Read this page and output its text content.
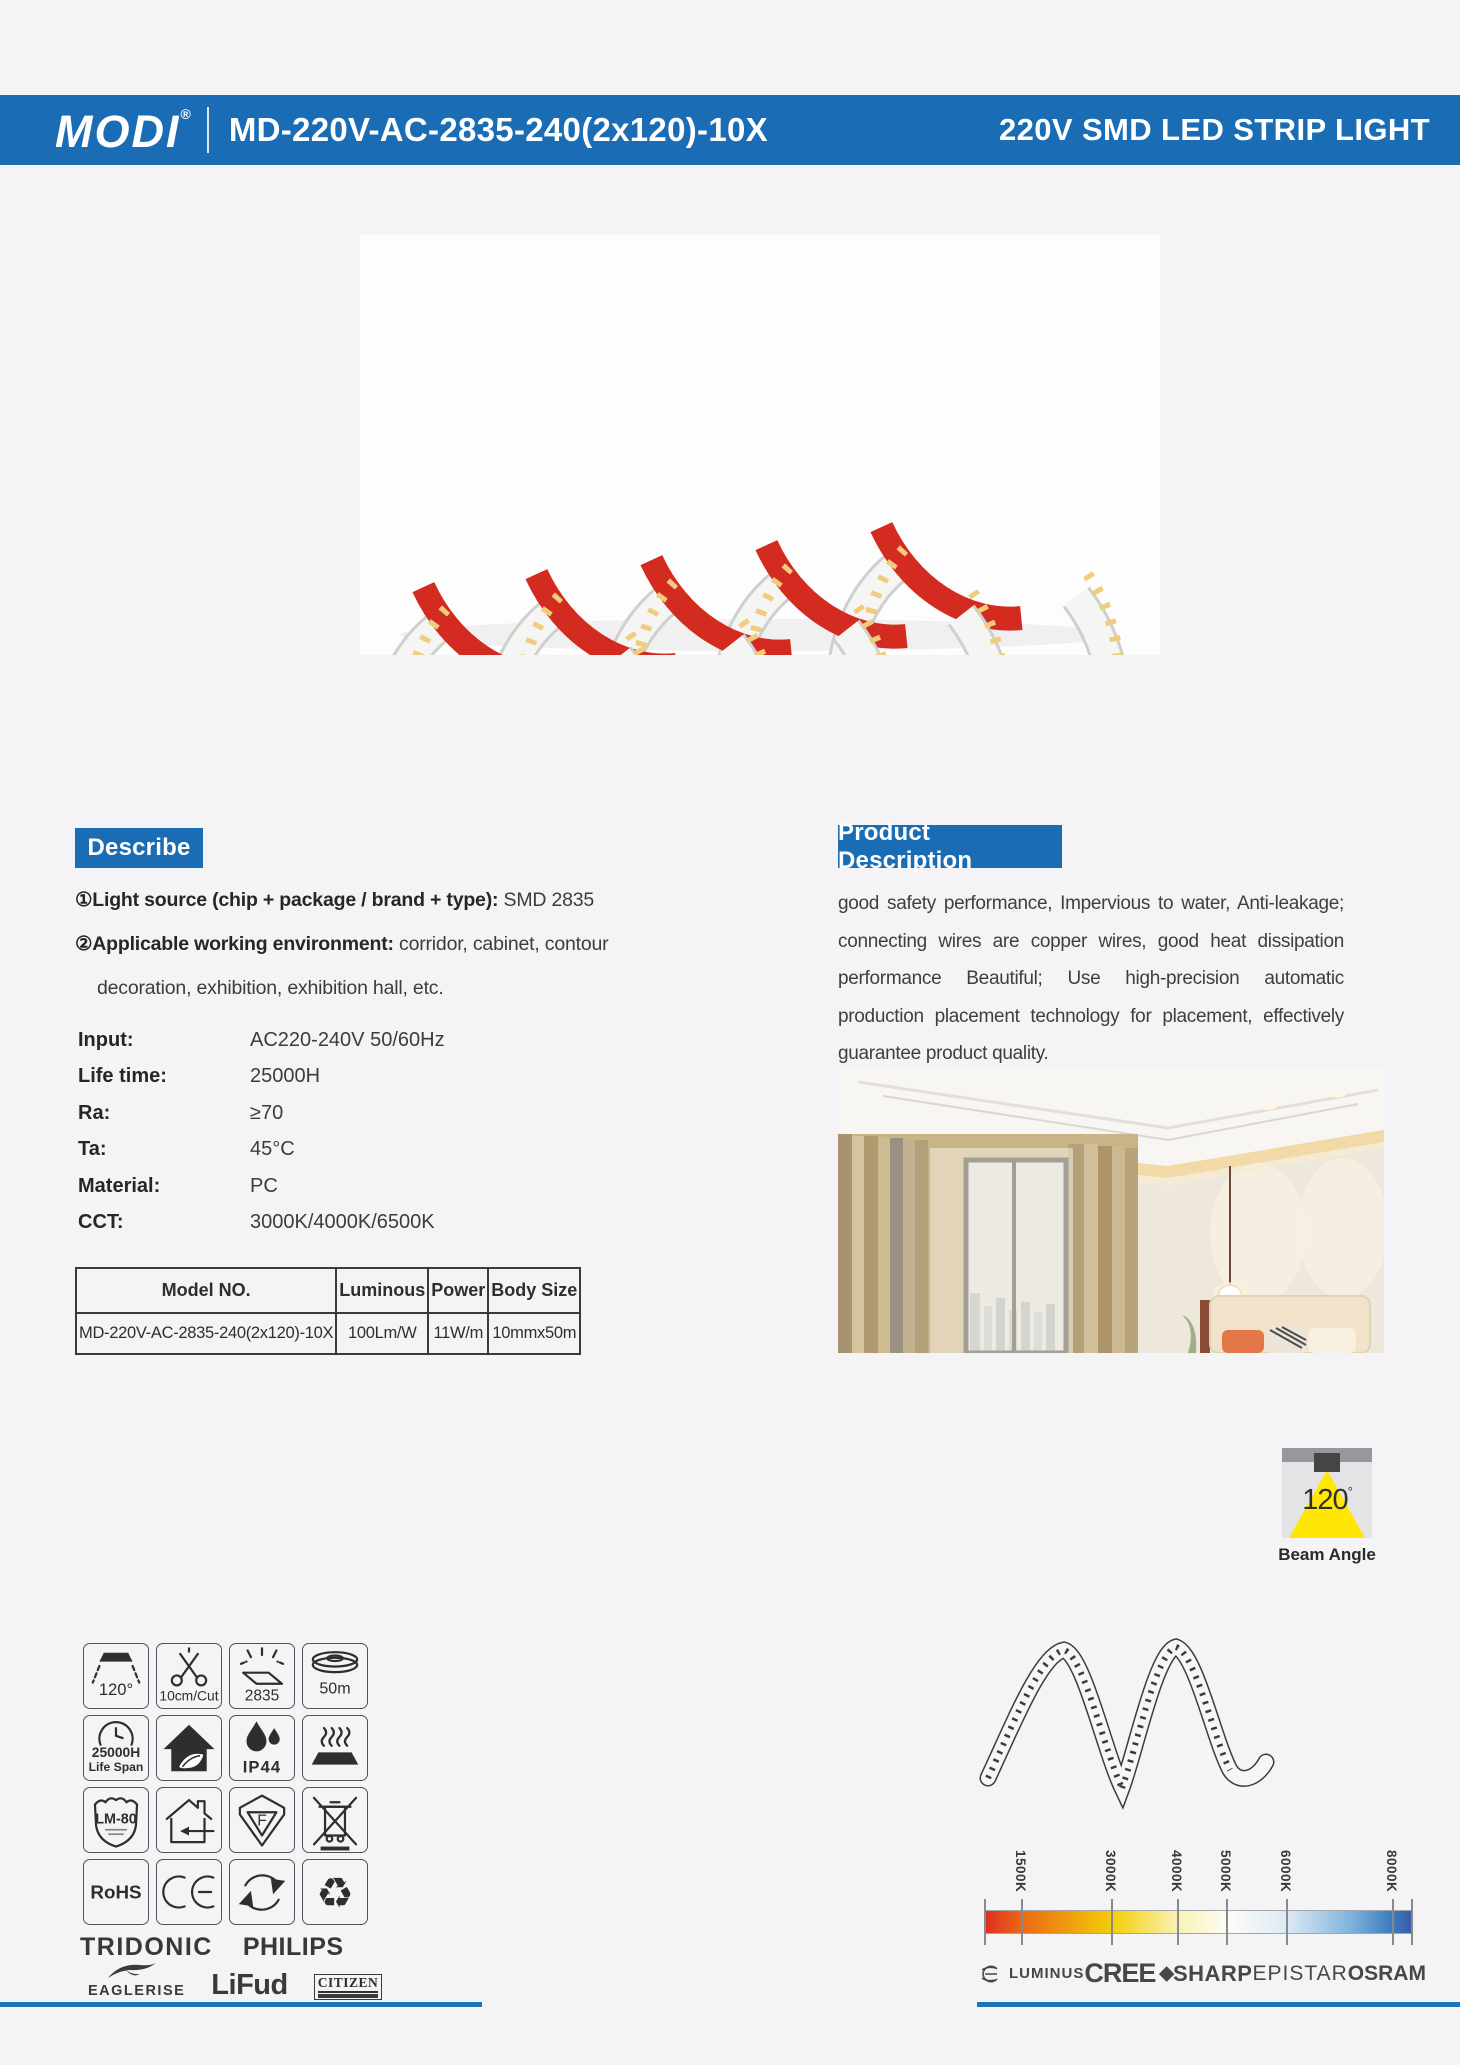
MODI® MD-220V-AC-2835-240(2x120)-10X	220V SMD LED STRIP LIGHT
Describe

①Light source (chip + package / brand + type): SMD 2835

②Applicable working environment: corridor, cabinet, contour decoration, exhibition, exhibition hall, etc.

Input:	AC220-240V 50/60Hz
Life time:	25000H
Ra:	≥70
Ta:	45°C
Material:	PC
CCT:	3000K/4000K/6500K
Model NO.	Luminous	Power	Body Size
MD-220V-AC-2835-240(2x120)-10X	100Lm/W	11W/m	10mmx50m
Product Description
good safety performance, Impervious to water, Anti-leakage; connecting wires are copper wires, good heat dissipation performance Beautiful; Use high-precision automatic production placement technology for placement, effectively guarantee product quality.
120°
Beam Angle
120° 10cm/Cut 2835	50m
25000H
Life Span	IP44
LM-80	F
RoHS	♻
TRIDONIC PHILIPS
EAGLERISE LiFud CITIZEN
LUMINUS CREE ◆ SHARP EPISTAR OSRAM
1500K	3000K	4000K	5000K	6000K	8000K
